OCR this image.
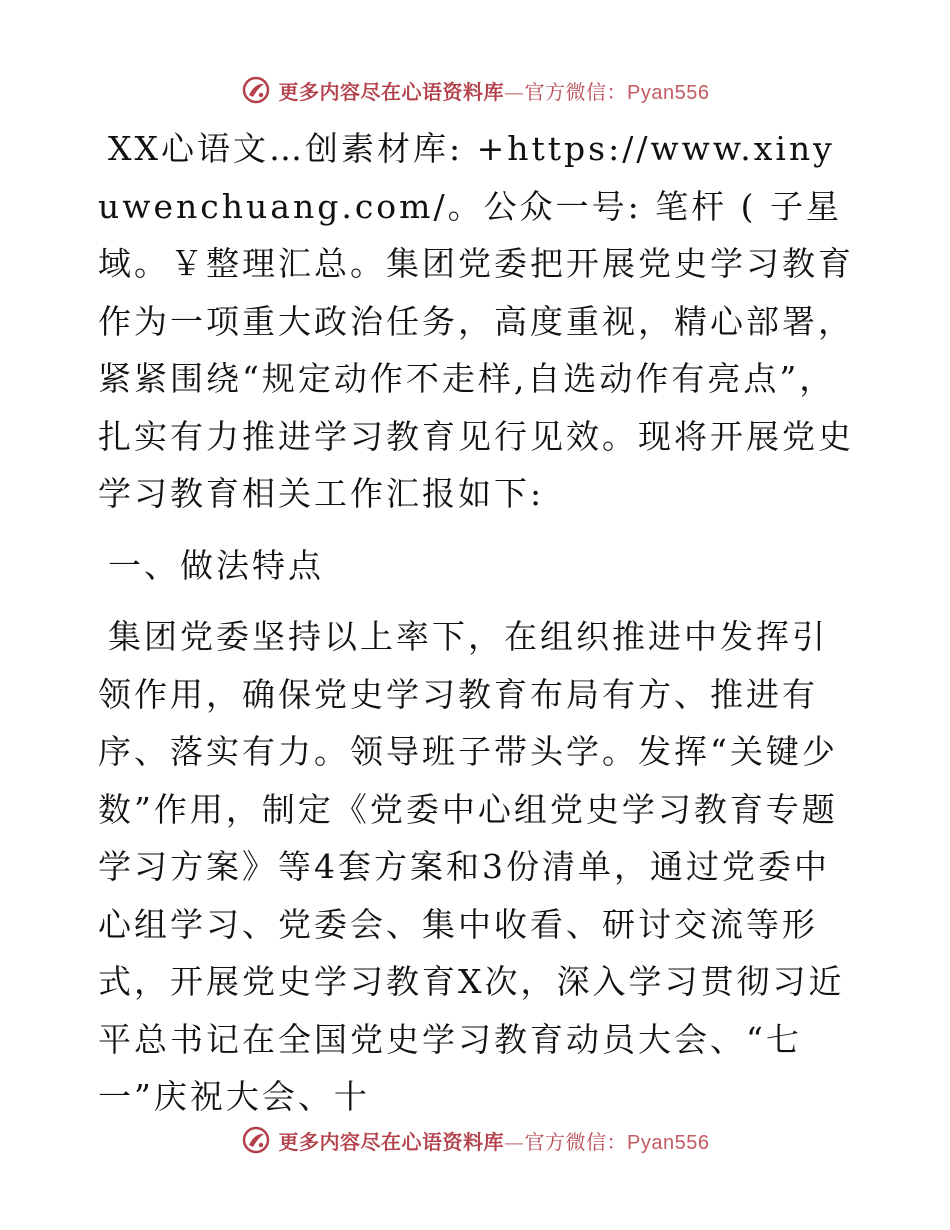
更多内容尽在心语资料库—官方微信：Pyan556

XX心语文…创素材库: +https://www.xinyuwenchuang.com/。公众一号: 笔杆 ( 子星域。￥整理汇总。集团党委把开展党史学习教育作为一项重大政治任务，高度重视，精心部署，紧紧围绕“规定动作不走样,自选动作有亮点”，扎实有力推进学习教育见行见效。现将开展党史学习教育相关工作汇报如下:

一、做法特点

集团党委坚持以上率下，在组织推进中发挥引领作用，确保党史学习教育布局有方、推进有序、落实有力。领导班子带头学。发挥“关键少数”作用，制定《党委中心组党史学习教育专题学习方案》等4套方案和3份清单，通过党委中心组学习、党委会、集中收看、研讨交流等形式，开展党史学习教育X次，深入学习贯彻习近平总书记在全国党史学习教育动员大会、“七一”庆祝大会、十

更多内容尽在心语资料库—官方微信：Pyan556
